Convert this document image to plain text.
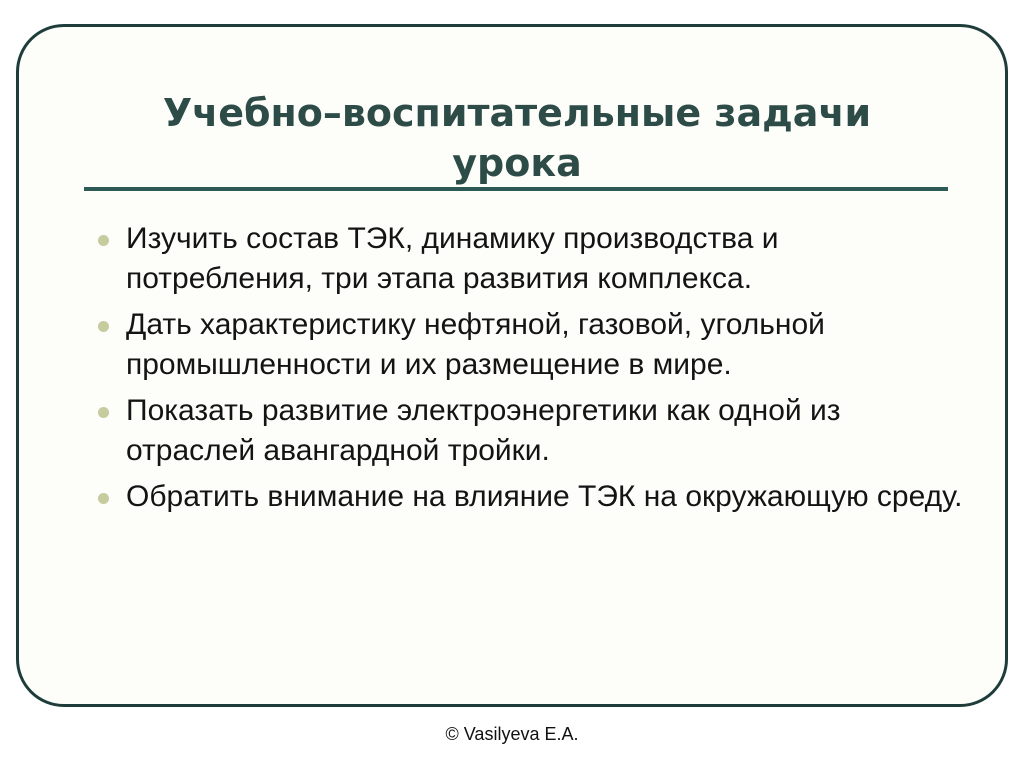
Учебно–воспитательные задачи
урока
Изучить состав ТЭК, динамику производства и потребления, три этапа развития комплекса.
Дать характеристику нефтяной, газовой, угольной промышленности и их размещение в мире.
Показать развитие электроэнергетики как одной из отраслей авангардной тройки.
Обратить внимание на влияние ТЭК на окружающую среду.
© Vasilyeva E.A.
